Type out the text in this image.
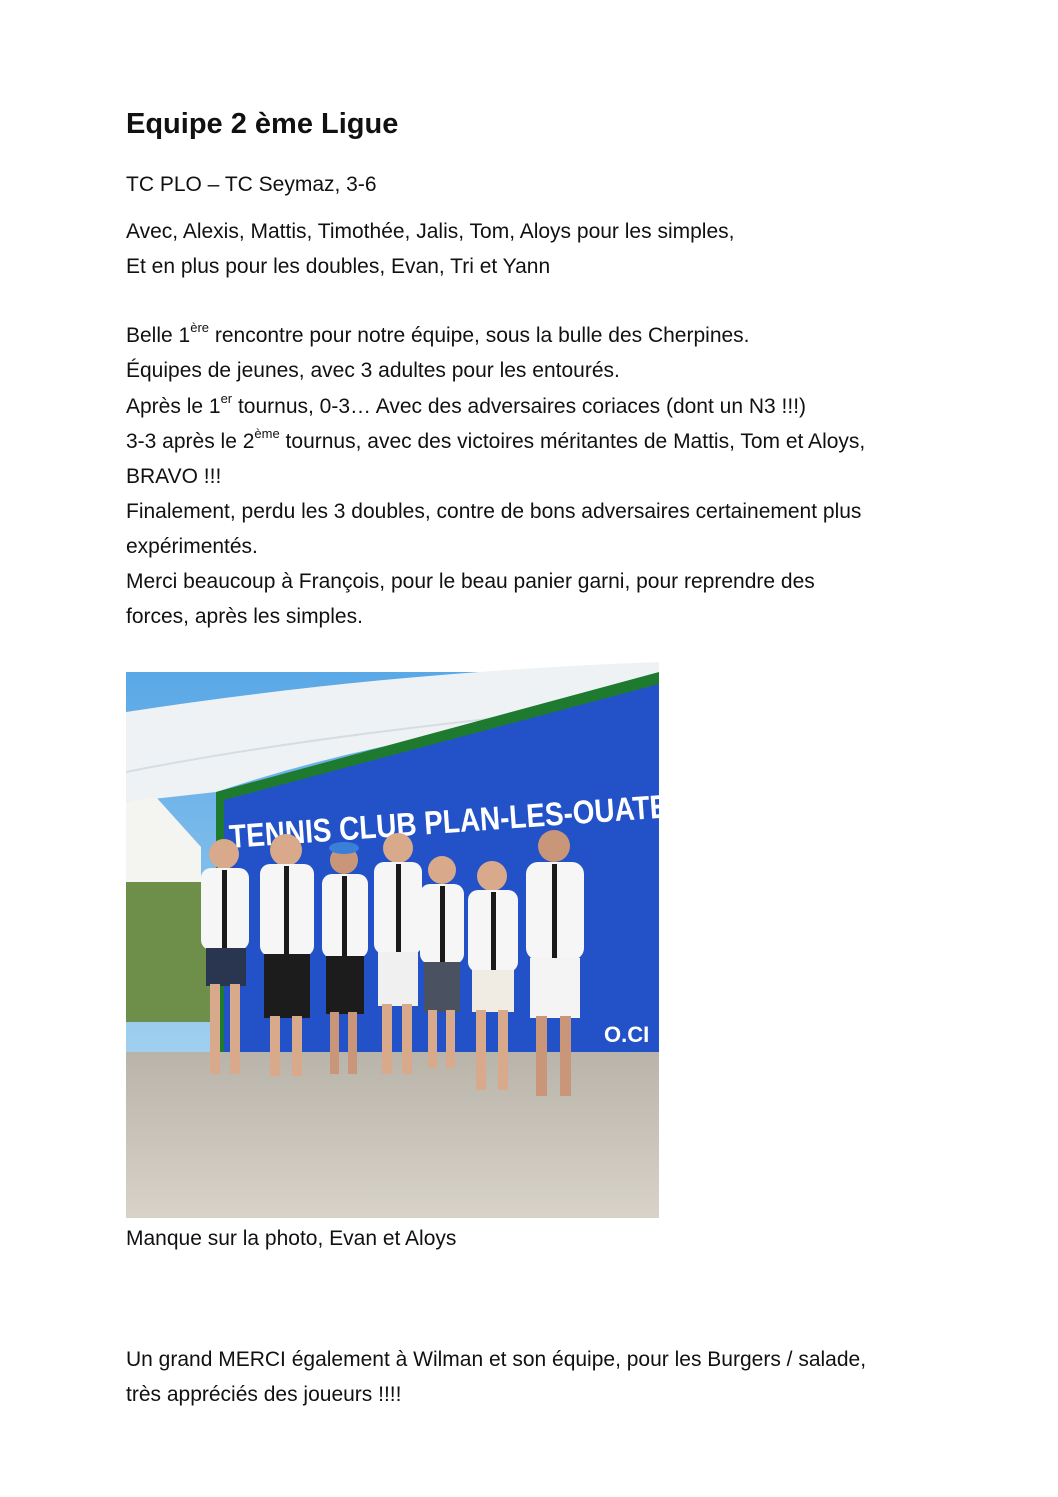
Equipe 2 ème Ligue

TC PLO – TC Seymaz, 3-6

Avec, Alexis, Mattis, Timothée, Jalis, Tom, Aloys pour les simples,

Et en plus pour les doubles, Evan, Tri et Yann

Belle 1ère rencontre pour notre équipe, sous la bulle des Cherpines.

Équipes de jeunes, avec 3 adultes pour les entourés.

Après le 1er tournus, 0-3… Avec des adversaires coriaces (dont un N3 !!!)

3-3 après le 2ème tournus, avec des victoires méritantes de Mattis, Tom et Aloys,

BRAVO !!!

Finalement, perdu les 3 doubles, contre de bons adversaires certainement plus

expérimentés.

Merci beaucoup à François, pour le beau panier garni, pour reprendre des

forces, après les simples.

TENNIS CLUB PLAN-LES-OUATE
O.CI

Manque sur la photo, Evan et Aloys

Un grand MERCI également à Wilman et son équipe, pour les Burgers / salade,

très appréciés des joueurs !!!!
